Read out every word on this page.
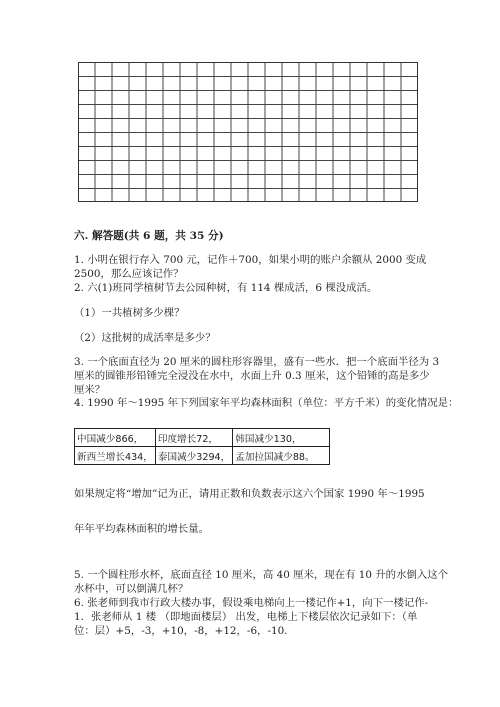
六. 解答题(共 6 题，共 35 分)

1. 小明在银行存入 700 元，记作＋700，如果小明的账户余额从 2000 变成

2500，那么应该记作？

2. 六(1)班同学植树节去公园种树，有 114 棵成活，6 棵没成活。

（1）一共植树多少棵？

（2）这批树的成活率是多少？

3. 一个底面直径为 20 厘米的圆柱形容器里，盛有一些水．把一个底面半径为 3

厘米的圆锥形铅锤完全浸没在水中，水面上升 0.3 厘米，这个铅锤的高是多少

厘米？

4. 1990 年～1995 年下列国家年平均森林面积（单位：平方千米）的变化情况是：

中国减少866，	印度增长72，	韩国减少130，
新西兰增长434，	泰国减少3294，	孟加拉国减少88。

如果规定将“增加”记为正，请用正数和负数表示这六个国家 1990 年～1995

年年平均森林面积的增长量。

5. 一个圆柱形水杯，底面直径 10 厘米，高 40 厘米，现在有 10 升的水倒入这个

水杯中，可以倒满几杯？

6. 张老师到我市行政大楼办事，假设乘电梯向上一楼记作+1，向下一楼记作-

1．张老师从 1 楼 （即地面楼层） 出发，电梯上下楼层依次记录如下：（单

位：层）+5，-3，+10，-8，+12，-6，-10.
